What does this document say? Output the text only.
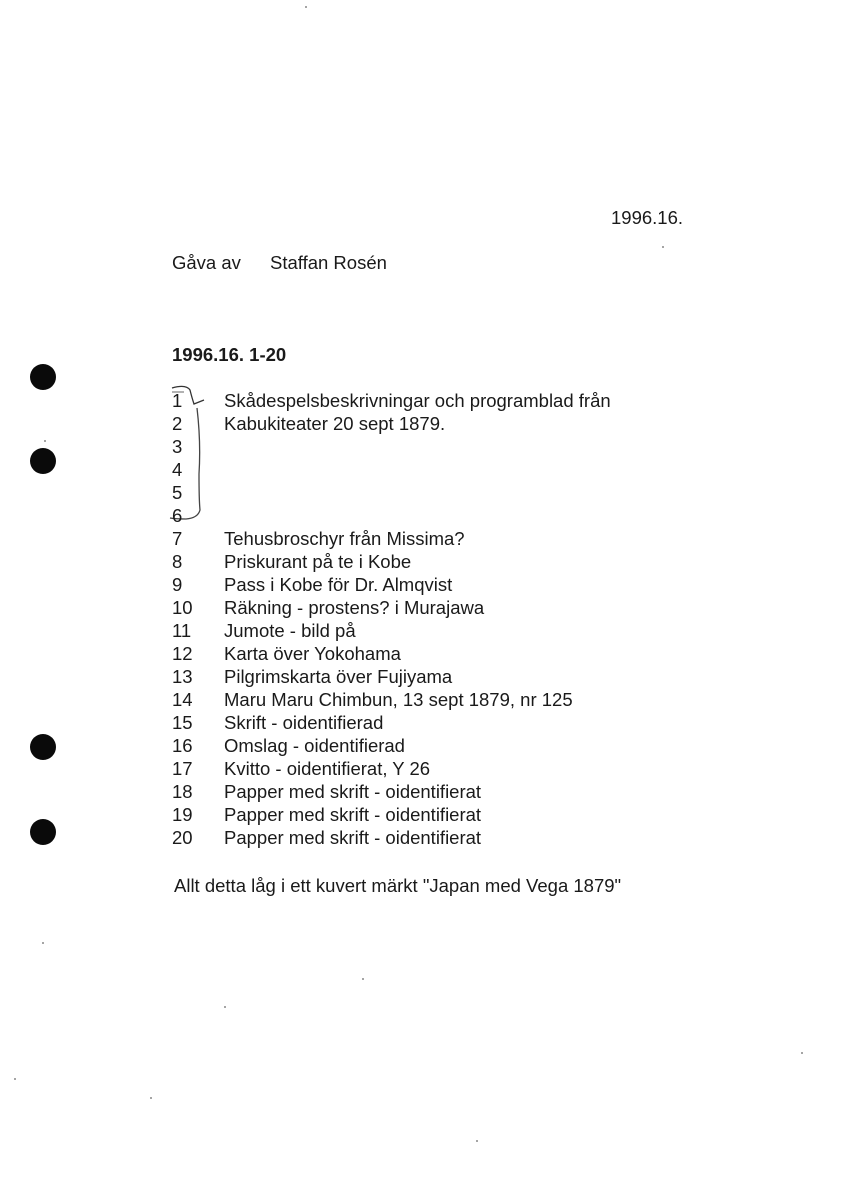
1996.16.
Gåva av Staffan Rosén
1996.16. 1-20
Skådespelsbeskrivningar och programblad från
Kabukiteater 20 sept 1879.
1
2
3
4
5
6
7 Tehusbroschyr från Missima?
8 Priskurant på te i Kobe
9 Pass i Kobe för Dr. Almqvist
10 Räkning - prostens? i Murajawa
11 Jumote - bild på
12 Karta över Yokohama
13 Pilgrimskarta över Fujiyama
14 Maru Maru Chimbun, 13 sept 1879, nr 125
15 Skrift - oidentifierad
16 Omslag - oidentifierad
17 Kvitto - oidentifierat, Y 26
18 Papper med skrift - oidentifierat
19 Papper med skrift - oidentifierat
20 Papper med skrift - oidentifierat
Allt detta låg i ett kuvert märkt "Japan med Vega 1879"
